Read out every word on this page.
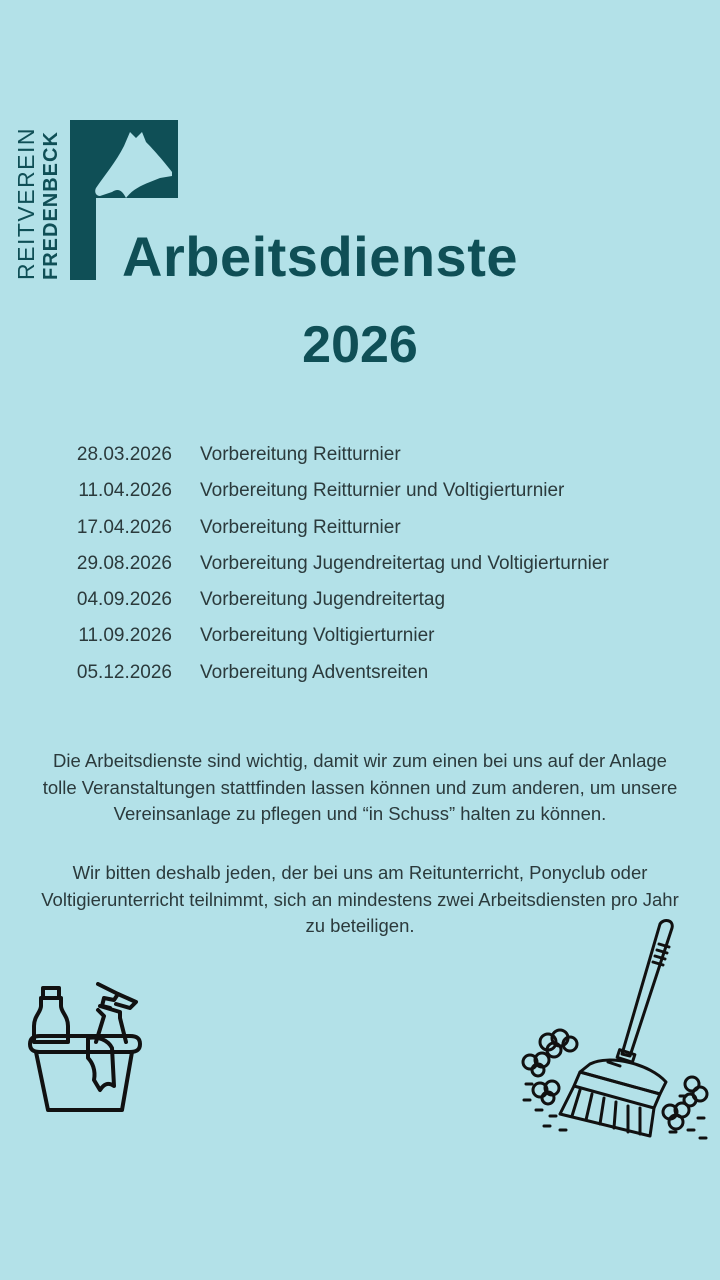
REITVEREIN FREDENBECK Arbeitsdienste
2026
28.03.2026 Vorbereitung Reitturnier
11.04.2026 Vorbereitung Reitturnier und Voltigierturnier
17.04.2026 Vorbereitung Reitturnier
29.08.2026 Vorbereitung Jugendreitertag und Voltigierturnier
04.09.2026 Vorbereitung Jugendreitertag
11.09.2026 Vorbereitung Voltigierturnier
05.12.2026 Vorbereitung Adventsreiten

Die Arbeitsdienste sind wichtig, damit wir zum einen bei uns auf der Anlage tolle Veranstaltungen stattfinden lassen können und zum anderen, um unsere Vereinsanlage zu pflegen und “in Schuss” halten zu können.

Wir bitten deshalb jeden, der bei uns am Reitunterricht, Ponyclub oder Voltigierunterricht teilnimmt, sich an mindestens zwei Arbeitsdiensten pro Jahr zu beteiligen.
